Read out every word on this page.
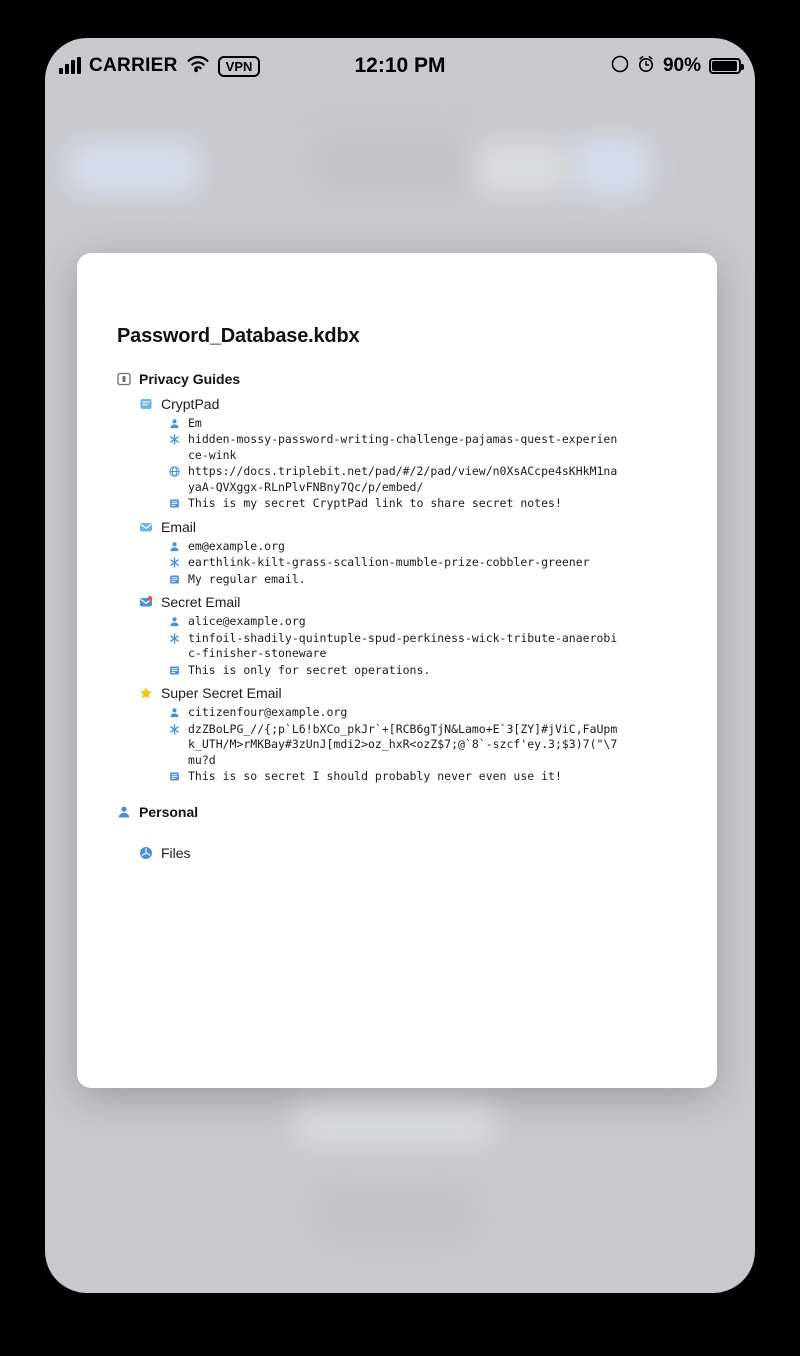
CARRIER	VPN	12:10 PM	90%
Password_Database.kdbx
Privacy Guides
CryptPad
Em
hidden-mossy-password-writing-challenge-pajamas-quest-experience-wink
https://docs.triplebit.net/pad/#/2/pad/view/n0XsACcpe4sKHkM1nayaA-QVXggx-RLnPlvFNBny7Qc/p/embed/
This is my secret CryptPad link to share secret notes!
Email
em@example.org
earthlink-kilt-grass-scallion-mumble-prize-cobbler-greener
My regular email.
Secret Email
alice@example.org
tinfoil-shadily-quintuple-spud-perkiness-wick-tribute-anaerobic-finisher-stoneware
This is only for secret operations.
Super Secret Email
citizenfour@example.org
dzZBoLPG_//{;p`L6!bXCo_pkJr`+[RCB6gTjN&Lamo+E`3[ZY]#jViC,FaUpmk_UTH/M>rMKBay#3zUnJ[mdi2>oz_hxR<ozZ$7;@`8`-szcf'ey.3;$3)7("\7mu?d
This is so secret I should probably never even use it!
Personal
Files
